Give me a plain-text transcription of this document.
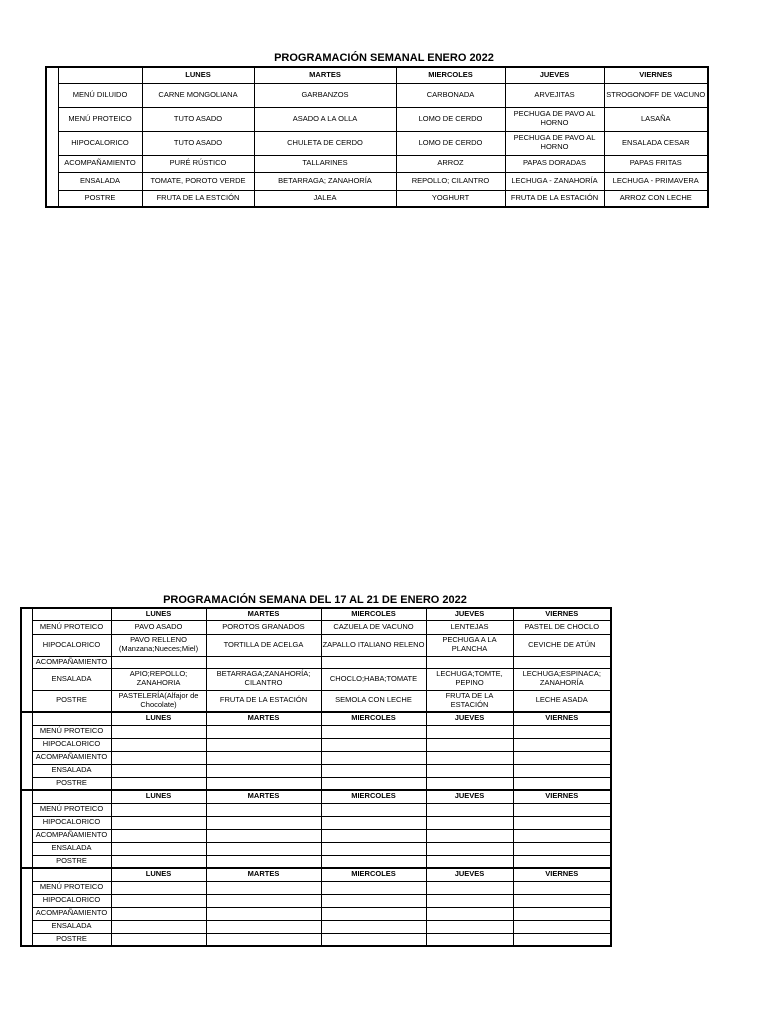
PROGRAMACIÓN SEMANAL ENERO 2022
		LUNES	MARTES	MIERCOLES	JUEVES	VIERNES
	MENÚ DILUIDO	CARNE MONGOLIANA	GARBANZOS	CARBONADA	ARVEJITAS	STROGONOFF DE VACUNO
	MENÚ PROTEICO	TUTO ASADO	ASADO A LA OLLA	LOMO DE CERDO	PECHUGA DE PAVO AL HORNO	LASAÑA
	HIPOCALORICO	TUTO ASADO	CHULETA DE CERDO	LOMO DE CERDO	PECHUGA DE PAVO AL HORNO	ENSALADA CESAR
	ACOMPAÑAMIENTO	PURÉ RÚSTICO	TALLARINES	ARROZ	PAPAS DORADAS	PAPAS FRITAS
	ENSALADA	TOMATE, POROTO VERDE	BETARRAGA; ZANAHORÍA	REPOLLO; CILANTRO	LECHUGA - ZANAHORÍA	LECHUGA - PRIMAVERA
	POSTRE	FRUTA DE LA ESTCIÓN	JALEA	YOGHURT	FRUTA DE LA ESTACIÓN	ARROZ CON LECHE
PROGRAMACIÓN SEMANA DEL 17 AL 21 DE ENERO 2022
		LUNES	MARTES	MIERCOLES	JUEVES	VIERNES
	MENÚ PROTEICO	PAVO ASADO	POROTOS GRANADOS	CAZUELA DE VACUNO	LENTEJAS	PASTEL DE CHOCLO
	HIPOCALORICO	PAVO RELLENO (Manzana;Nueces;Miel)	TORTILLA DE ACELGA	ZAPALLO ITALIANO RELENO	PECHUGA A LA PLANCHA	CEVICHE DE ATÚN
	ACOMPAÑAMIENTO					
	ENSALADA	APIO;REPOLLO; ZANAHORIA	BETARRAGA;ZANAHORÍA; CILANTRO	CHOCLO;HABA;TOMATE	LECHUGA;TOMTE, PEPINO	LECHUGA;ESPINACA; ZANAHORÍA
	POSTRE	PASTELERÍA(Alfajor de Chocolate)	FRUTA DE LA ESTACIÓN	SEMOLA CON LECHE	FRUTA DE LA ESTACIÓN	LECHE ASADA
		LUNES	MARTES	MIERCOLES	JUEVES	VIERNES
	MENÚ PROTEICO					
	HIPOCALORICO					
	ACOMPAÑAMIENTO					
	ENSALADA					
	POSTRE					
		LUNES	MARTES	MIERCOLES	JUEVES	VIERNES
	MENÚ PROTEICO					
	HIPOCALORICO					
	ACOMPAÑAMIENTO					
	ENSALADA					
	POSTRE					
		LUNES	MARTES	MIERCOLES	JUEVES	VIERNES
	MENÚ PROTEICO					
	HIPOCALORICO					
	ACOMPAÑAMIENTO					
	ENSALADA					
	POSTRE					
